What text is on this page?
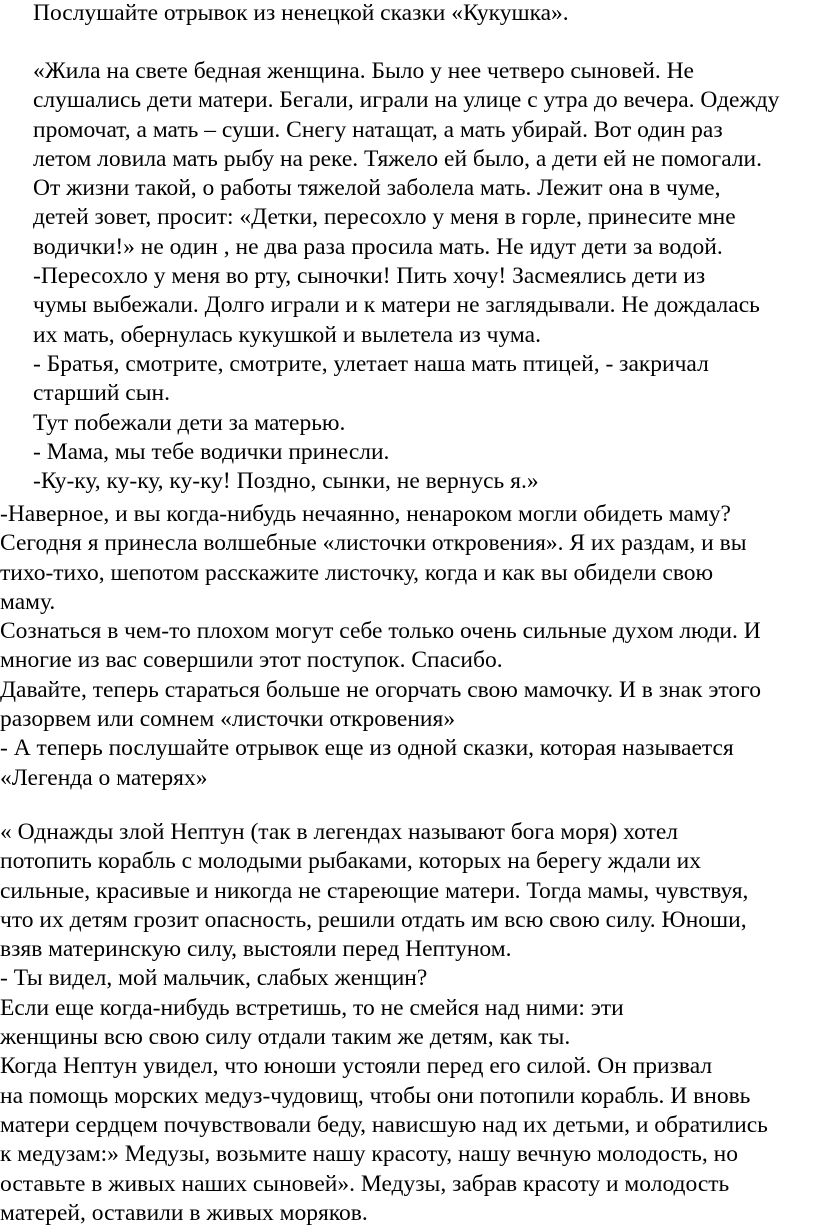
Послушайте отрывок из ненецкой сказки «Кукушка».

«Жила на свете бедная женщина. Было у нее четверо сыновей. Не
слушались дети матери. Бегали, играли на улице с утра до вечера. Одежду
промочат, а мать – суши. Снегу натащат, а мать убирай. Вот один раз
летом ловила мать рыбу на реке. Тяжело ей было, а дети ей не помогали.
От жизни такой, о работы тяжелой заболела мать. Лежит она в чуме,
детей зовет, просит: «Детки, пересохло у меня в горле, принесите мне
водички!» не один , не два раза просила мать. Не идут дети за водой.
-Пересохло у меня во рту, сыночки! Пить хочу! Засмеялись дети из
чумы выбежали. Долго играли и к матери не заглядывали. Не дождалась
их мать, обернулась кукушкой и вылетела из чума.
- Братья, смотрите, смотрите, улетает наша мать птицей, - закричал
старший сын.
Тут побежали дети за матерью.
- Мама, мы тебе водички принесли.
-Ку-ку, ку-ку, ку-ку! Поздно, сынки, не вернусь я.»
-Наверное, и вы когда-нибудь нечаянно, ненароком могли обидеть маму?
Сегодня я принесла волшебные «листочки откровения». Я их раздам, и вы
тихо-тихо, шепотом расскажите листочку, когда и как вы обидели свою
маму.
Сознаться в чем-то плохом могут себе только очень сильные духом люди. И
многие из вас совершили этот поступок. Спасибо.
Давайте, теперь стараться больше не огорчать свою мамочку. И в знак этого
разорвем или сомнем «листочки откровения»
- А теперь послушайте отрывок еще из одной сказки, которая называется
«Легенда о матерях»
« Однажды злой Нептун (так в легендах называют бога моря) хотел
потопить корабль с молодыми рыбаками, которых на берегу ждали их
сильные, красивые и никогда не стареющие матери. Тогда мамы, чувствуя,
что их детям грозит опасность, решили отдать им всю свою силу. Юноши,
взяв материнскую силу, выстояли перед Нептуном.
- Ты видел, мой мальчик, слабых женщин?
Если еще когда-нибудь встретишь, то не смейся над ними: эти
женщины всю свою силу отдали таким же детям, как ты.
Когда Нептун увидел, что юноши устояли перед его силой. Он призвал
на помощь морских медуз-чудовищ, чтобы они потопили корабль. И вновь
матери сердцем почувствовали беду, нависшую над их детьми, и обратились
к медузам:» Медузы, возьмите нашу красоту, нашу вечную молодость, но
оставьте в живых наших сыновей». Медузы, забрав красоту и молодость
матерей, оставили в живых моряков.
